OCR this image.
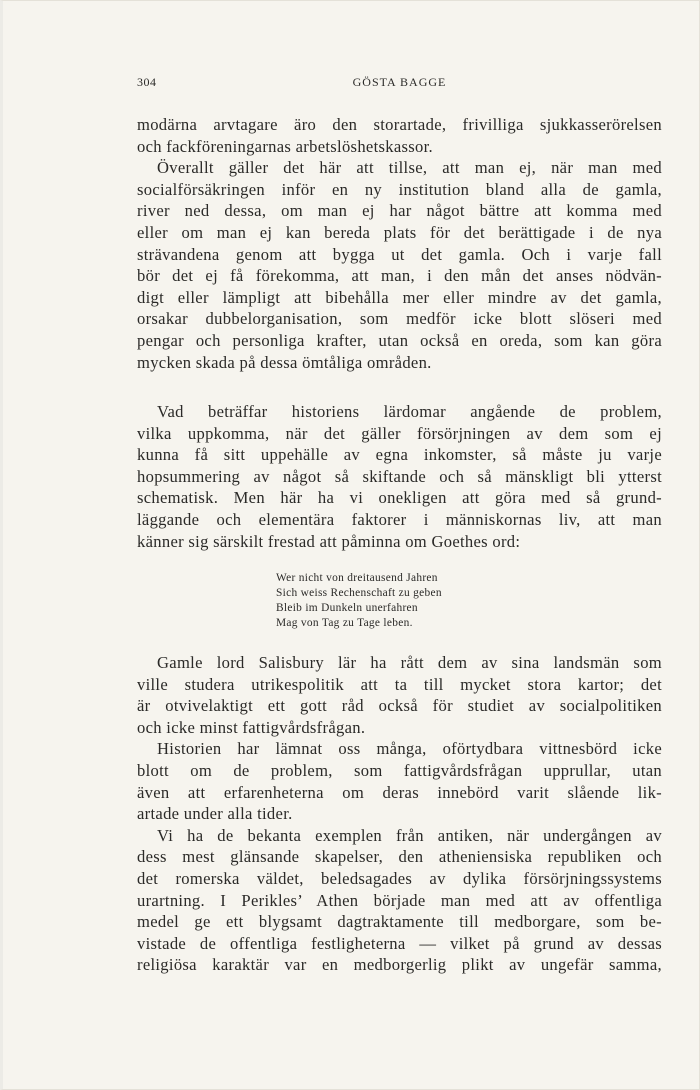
304	GÖSTA BAGGE
modärna arvtagare äro den storartade, frivilliga sjukkasserörelsen
och fackföreningarnas arbetslöshetskassor.
Överallt gäller det här att tillse, att man ej, när man med
socialförsäkringen inför en ny institution bland alla de gamla,
river ned dessa, om man ej har något bättre att komma med
eller om man ej kan bereda plats för det berättigade i de nya
strävandena genom att bygga ut det gamla. Och i varje fall
bör det ej få förekomma, att man, i den mån det anses nödvän-
digt eller lämpligt att bibehålla mer eller mindre av det gamla,
orsakar dubbelorganisation, som medför icke blott slöseri med
pengar och personliga krafter, utan också en oreda, som kan göra
mycken skada på dessa ömtåliga områden.
Vad beträffar historiens lärdomar angående de problem,
vilka uppkomma, när det gäller försörjningen av dem som ej
kunna få sitt uppehälle av egna inkomster, så måste ju varje
hopsummering av något så skiftande och så mänskligt bli ytterst
schematisk. Men här ha vi onekligen att göra med så grund-
läggande och elementära faktorer i människornas liv, att man
känner sig särskilt frestad att påminna om Goethes ord:
Wer nicht von dreitausend Jahren
Sich weiss Rechenschaft zu geben
Bleib im Dunkeln unerfahren
Mag von Tag zu Tage leben.
Gamle lord Salisbury lär ha rått dem av sina landsmän som
ville studera utrikespolitik att ta till mycket stora kartor; det
är otvivelaktigt ett gott råd också för studiet av socialpolitiken
och icke minst fattigvårdsfrågan.
Historien har lämnat oss många, oförtydbara vittnesbörd icke
blott om de problem, som fattigvårdsfrågan upprullar, utan
även att erfarenheterna om deras innebörd varit slående lik-
artade under alla tider.
Vi ha de bekanta exemplen från antiken, när undergången av
dess mest glänsande skapelser, den atheniensiska republiken och
det romerska väldet, beledsagades av dylika försörjningssystems
urartning. I Perikles’ Athen började man med att av offentliga
medel ge ett blygsamt dagtraktamente till medborgare, som be-
vistade de offentliga festligheterna — vilket på grund av dessas
religiösa karaktär var en medborgerlig plikt av ungefär samma,
